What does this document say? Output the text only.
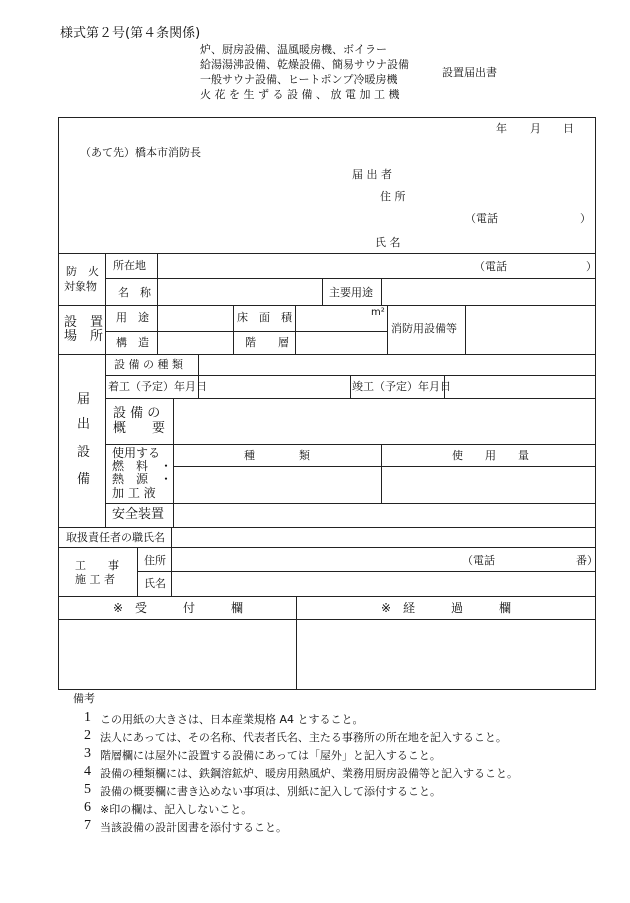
様式第２号(第４条関係)
炉、厨房設備、温風暖房機、ボイラー
給湯湯沸設備、乾燥設備、簡易サウナ設備
一般サウナ設備、ヒートポンプ冷暖房機
火 花 を 生 ず る 設 備 、 放 電 加 工 機
設置届出書
年 月 日
（あて先）橋本市消防長
届 出 者
住 所
（電話	）
氏 名
防　火
対象物
所在地	（電話	）
名　称	主要用途
設　置
場　所
用　途	床　面　積	m²
消防用設備等
構　造	階　　層
届
出
設
備
設 備 の 種 類
着工（予定）年月日	竣工（予定）年月日
設 備 の
概　　要
使用する
燃　料　・
熱　源　・
加 工 液
種　　　　類	使　　用　　量
安全装置
取扱責任者の職氏名
工　　事
施 工 者
住所	（電話	番）
氏名
※　受　　　付　　　欄	※　経　　　過　　　欄
備考
1 この用紙の大きさは、日本産業規格 A4 とすること。
2 法人にあっては、その名称、代表者氏名、主たる事務所の所在地を記入すること。
3 階層欄には屋外に設置する設備にあっては「屋外」と記入すること。
4 設備の種類欄には、鉄鋼溶鉱炉、暖房用熱風炉、業務用厨房設備等と記入すること。
5 設備の概要欄に書き込めない事項は、別紙に記入して添付すること。
6 ※印の欄は、記入しないこと。
7 当該設備の設計図書を添付すること。
